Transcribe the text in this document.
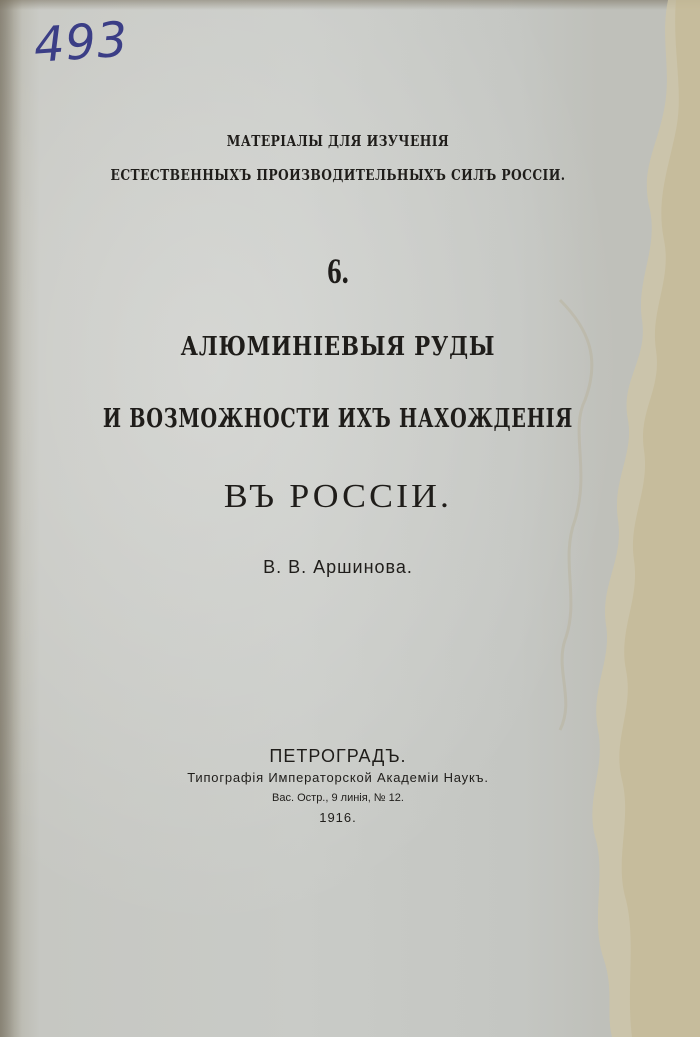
493
МАТЕРIАЛЫ ДЛЯ ИЗУЧЕНIЯ
ЕСТЕСТВЕННЫХЪ ПРОИЗВОДИТЕЛЬНЫХЪ СИЛЪ РОССIИ.
6.
АЛЮМИНIЕВЫЯ РУДЫ
И ВОЗМОЖНОСТИ ИХЪ НАХОЖДЕНIЯ
ВЪ РОССIИ.
В. В. Аршинова.
ПЕТРОГРАДЪ.
Типографiя Императорской Академiи Наукъ.
Вас. Остр., 9 линiя, № 12.
1916.
